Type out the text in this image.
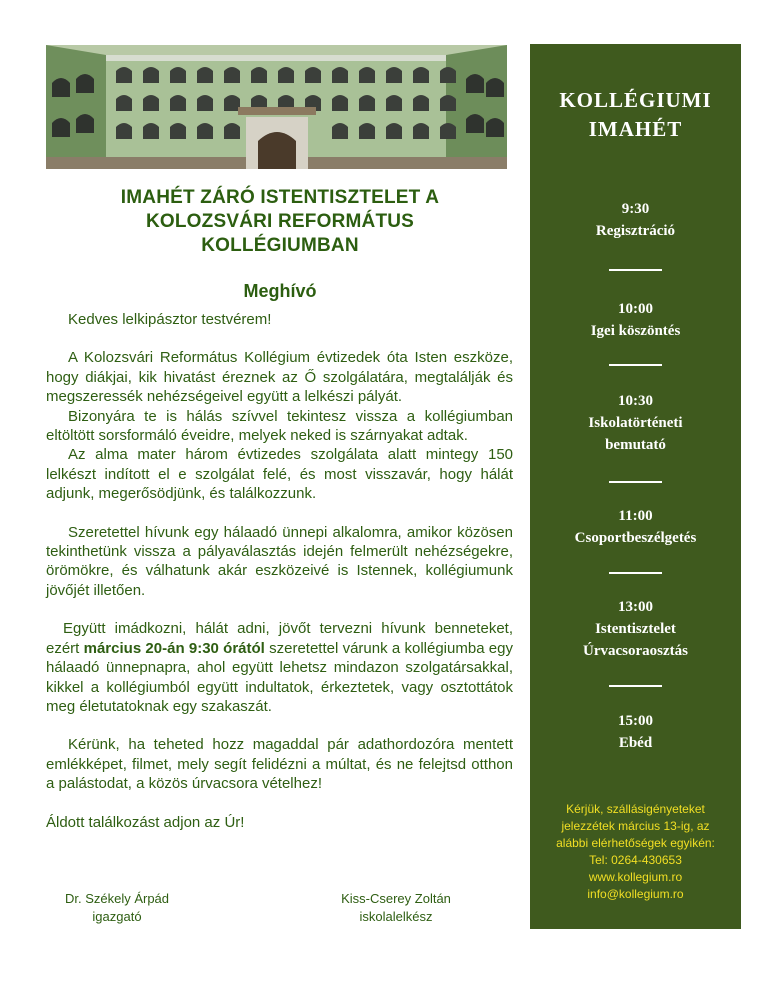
IMAHÉT ZÁRÓ ISTENTISZTELET A
KOLOZSVÁRI REFORMÁTUS
KOLLÉGIUMBAN
Meghívó

Kedves lelkipásztor testvérem!

A Kolozsvári Református Kollégium évtizedek óta Isten eszköze, hogy diákjai, kik hivatást éreznek az Ő szolgálatára, megtalálják és megszeressék nehézségeivel együtt a lelkészi pályát.

Bizonyára te is hálás szívvel tekintesz vissza a kollégiumban eltöltött sorsformáló éveidre, melyek neked is szárnyakat adtak.

Az alma mater három évtizedes szolgálata alatt mintegy 150 lelkészt indított el e szolgálat felé, és most visszavár, hogy hálát adjunk, megerősödjünk, és találkozzunk.

Szeretettel hívunk egy hálaadó ünnepi alkalomra, amikor közösen tekinthetünk vissza a pályaválasztás idején felmerült nehézségekre, örömökre, és válhatunk akár eszközeivé is Istennek, kollégiumunk jövőjét illetően.

Együtt imádkozni, hálát adni, jövőt tervezni hívunk benneteket, ezért március 20-án 9:30 órától szeretettel várunk a kollégiumba egy hálaadó ünnepnapra, ahol együtt lehetsz mindazon szolgatársakkal, kikkel a kollégiumból együtt indultatok, érkeztetek, vagy osztottátok meg életutatoknak egy szakaszát.

Kérünk, ha teheted hozz magaddal pár adathordozóra mentett emlékképet, filmet, mely segít felidézni a múltat, és ne felejtsd otthon a palástodat, a közös úrvacsora vételhez!

Áldott találkozást adjon az Úr!

Dr. Székely Árpád
igazgató
Kiss-Cserey Zoltán
iskolalelkész
KOLLÉGIUMI
IMAHÉT
9:30
Regisztráció
10:00
Igei köszöntés
10:30
Iskolatörténeti
bemutató
11:00
Csoportbeszélgetés
13:00
Istentisztelet
Úrvacsoraosztás
15:00
Ebéd
Kérjük, szállásigényeteket
jelezzétek március 13-ig, az
alábbi elérhetőségek egyikén:
Tel: 0264-430653
www.kollegium.ro
info@kollegium.ro
